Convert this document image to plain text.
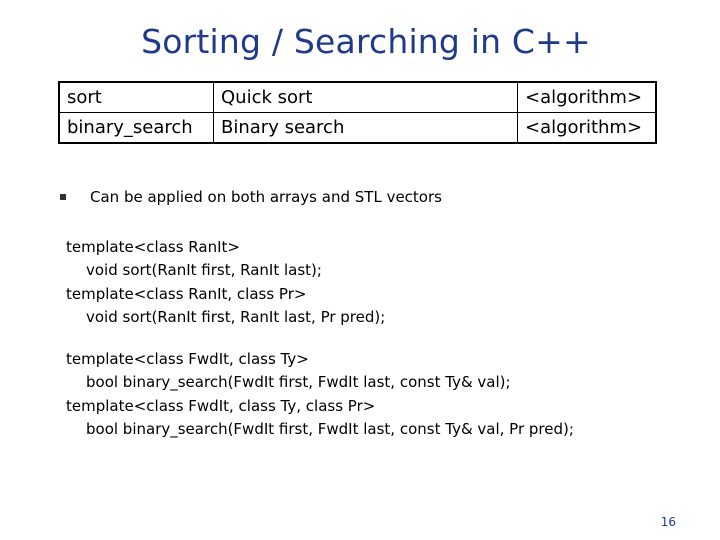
Sorting / Searching in C++
sort	Quick sort	<algorithm>
binary_search	Binary search	<algorithm>
Can be applied on both arrays and STL vectors
template<class RanIt>
void sort(RanIt first, RanIt last);
template<class RanIt, class Pr>
void sort(RanIt first, RanIt last, Pr pred);
template<class FwdIt, class Ty>
bool binary_search(FwdIt first, FwdIt last, const Ty& val);
template<class FwdIt, class Ty, class Pr>
bool binary_search(FwdIt first, FwdIt last, const Ty& val, Pr pred);
16
